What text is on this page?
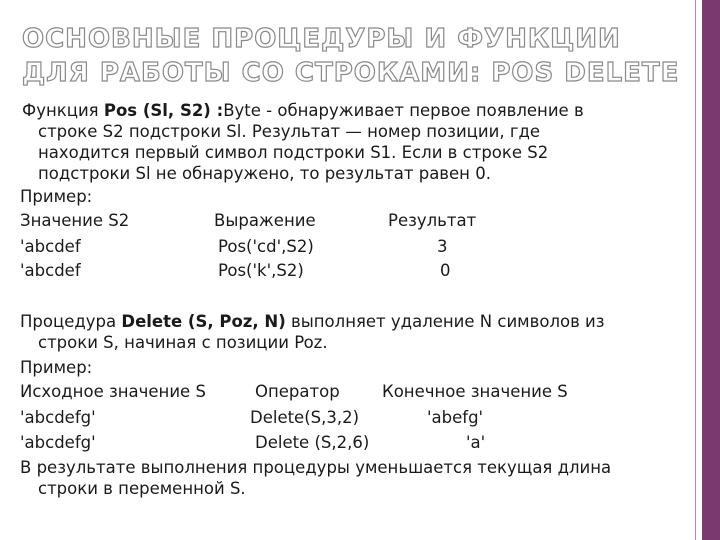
ОСНОВНЫЕ ПРОЦЕДУРЫ И ФУНКЦИИ
ДЛЯ РАБОТЫ СО СТРОКАМИ: POS DELETE
Функция Pos (Sl, S2) :Byte - обнаруживает первое появление в
строке S2 подстроки Sl. Результат — номер позиции, где
находится первый символ подстроки S1. Если в строке S2
подстроки Sl не обнаружено, то результат равен 0.
Пример:
Значение S2	Выражение	Результат
'abcdef	Pos('cd',S2)	3
'abcdef	Pos('k',S2)	0
Процедура Delete (S, Poz, N) выполняет удаление N символов из
строки S, начиная с позиции Poz.
Пример:
Исходное значение S	Оператор	Конечное значение S
'abcdefg'	Delete(S,3,2)	'abefg'
'abcdefg'	Delete (S,2,6)	'a'
В результате выполнения процедуры уменьшается текущая длина
строки в переменной S.
